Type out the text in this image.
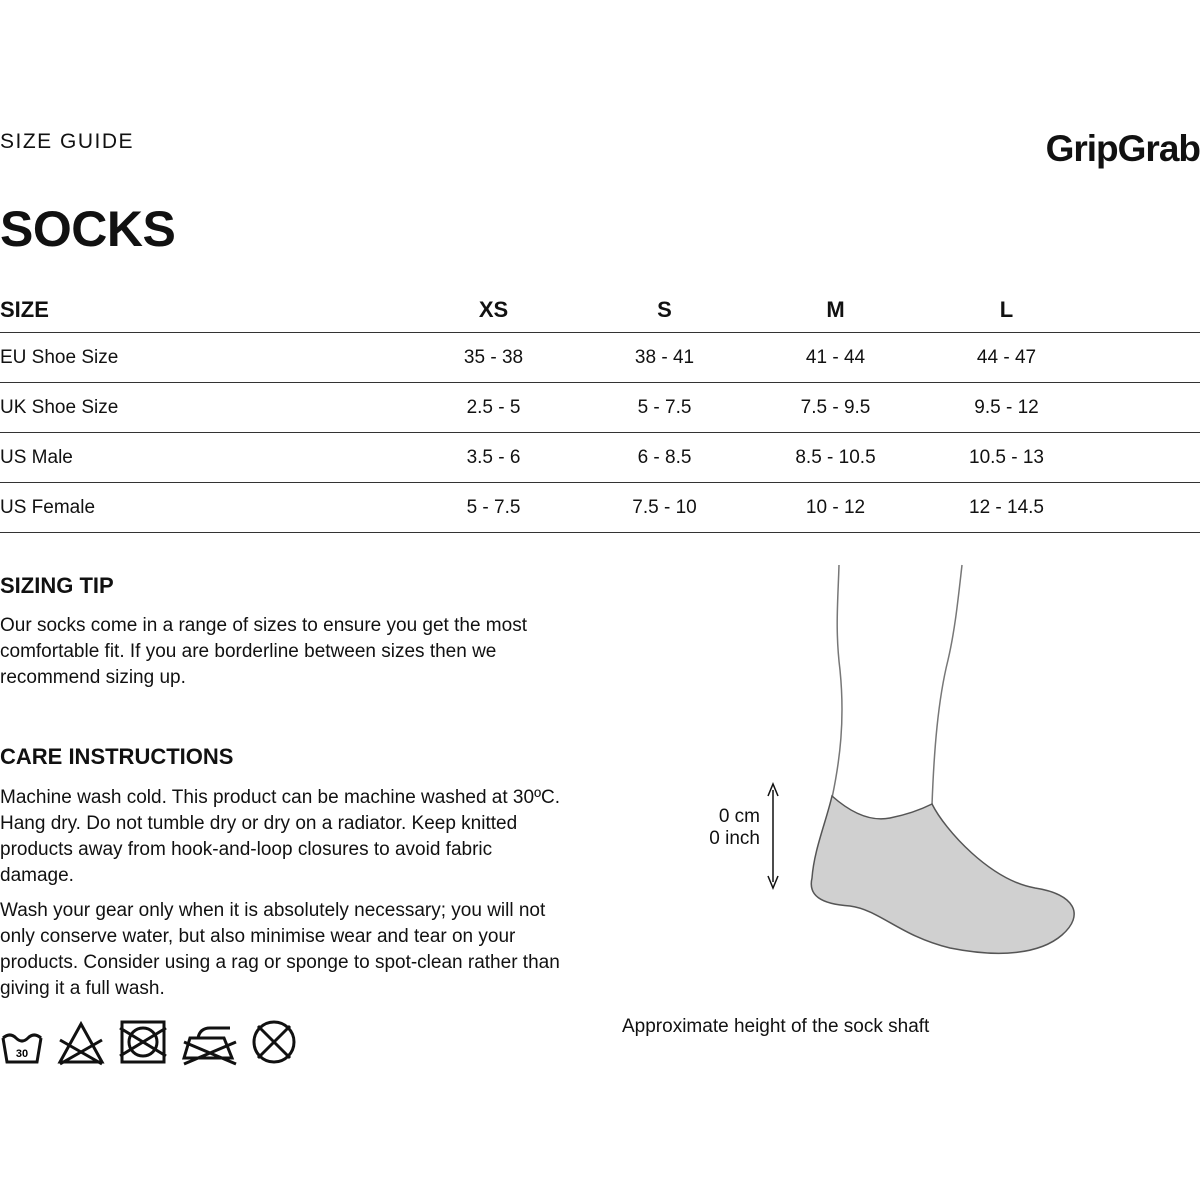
SIZE GUIDE	GripGrab
SOCKS
SIZE	XS	S	M	L
EU Shoe Size	35 - 38	38 - 41	41 - 44	44 - 47
UK Shoe Size	2.5 - 5	5 - 7.5	7.5 - 9.5	9.5 - 12
US Male	3.5 - 6	6 - 8.5	8.5 - 10.5	10.5 - 13
US Female	5 - 7.5	7.5 - 10	10 - 12	12 - 14.5
SIZING TIP

Our socks come in a range of sizes to ensure you get the most comfortable fit. If you are borderline between sizes then we recommend sizing up.

CARE INSTRUCTIONS

Machine wash cold. This product can be machine washed at 30ºC. Hang dry. Do not tumble dry or dry on a radiator. Keep knitted products away from hook-and-loop closures to avoid fabric damage.

Wash your gear only when it is absolutely necessary; you will not only conserve water, but also minimise wear and tear on your products. Consider using a rag or sponge to spot-clean rather than giving it a full wash.

30
0 cm
0 inch
Approximate height of the sock shaft
